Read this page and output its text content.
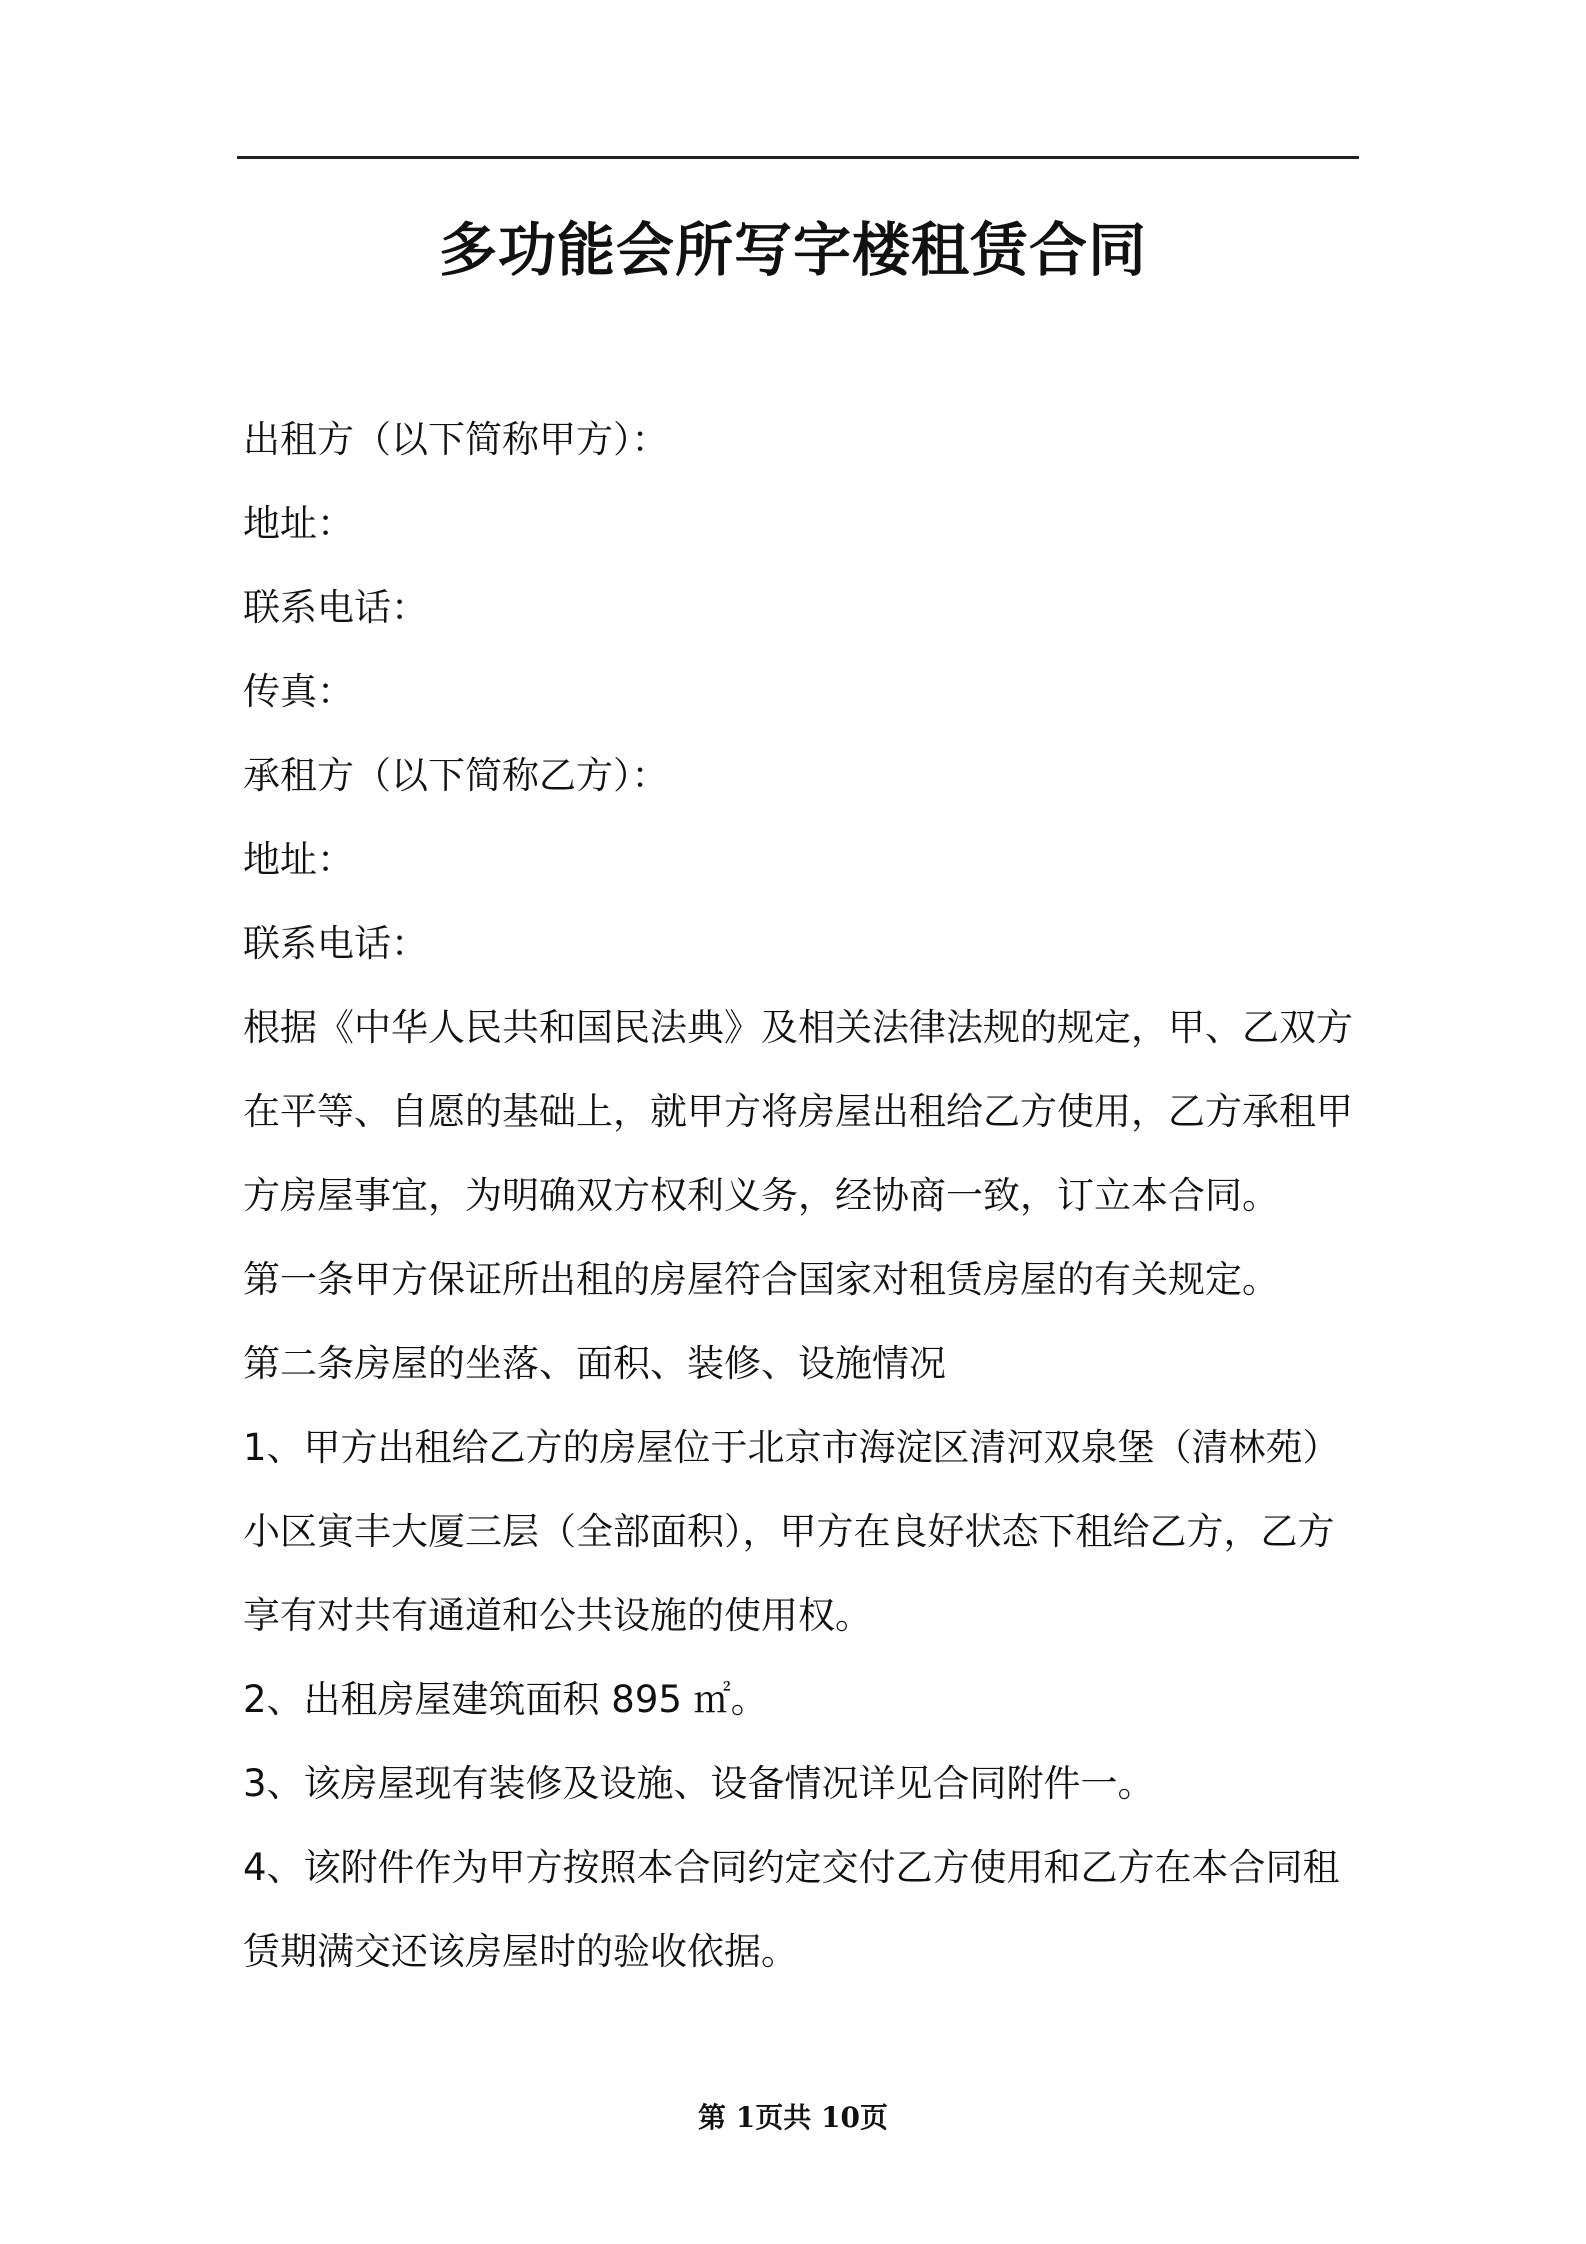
多功能会所写字楼租赁合同

出租方（以下简称甲方）：

地址：

联系电话：

传真：

承租方（以下简称乙方）：

地址：

联系电话：

根据《中华人民共和国民法典》及相关法律法规的规定，甲、乙双方在平等、自愿的基础上，就甲方将房屋出租给乙方使用，乙方承租甲方房屋事宜，为明确双方权利义务，经协商一致，订立本合同。

第一条甲方保证所出租的房屋符合国家对租赁房屋的有关规定。

第二条房屋的坐落、面积、装修、设施情况

1、甲方出租给乙方的房屋位于北京市海淀区清河双泉堡（清林苑）小区寅丰大厦三层（全部面积），甲方在良好状态下租给乙方，乙方享有对共有通道和公共设施的使用权。

2、出租房屋建筑面积 895 ㎡。

3、该房屋现有装修及设施、设备情况详见合同附件一。

4、该附件作为甲方按照本合同约定交付乙方使用和乙方在本合同租赁期满交还该房屋时的验收依据。

第 1页共 10页
